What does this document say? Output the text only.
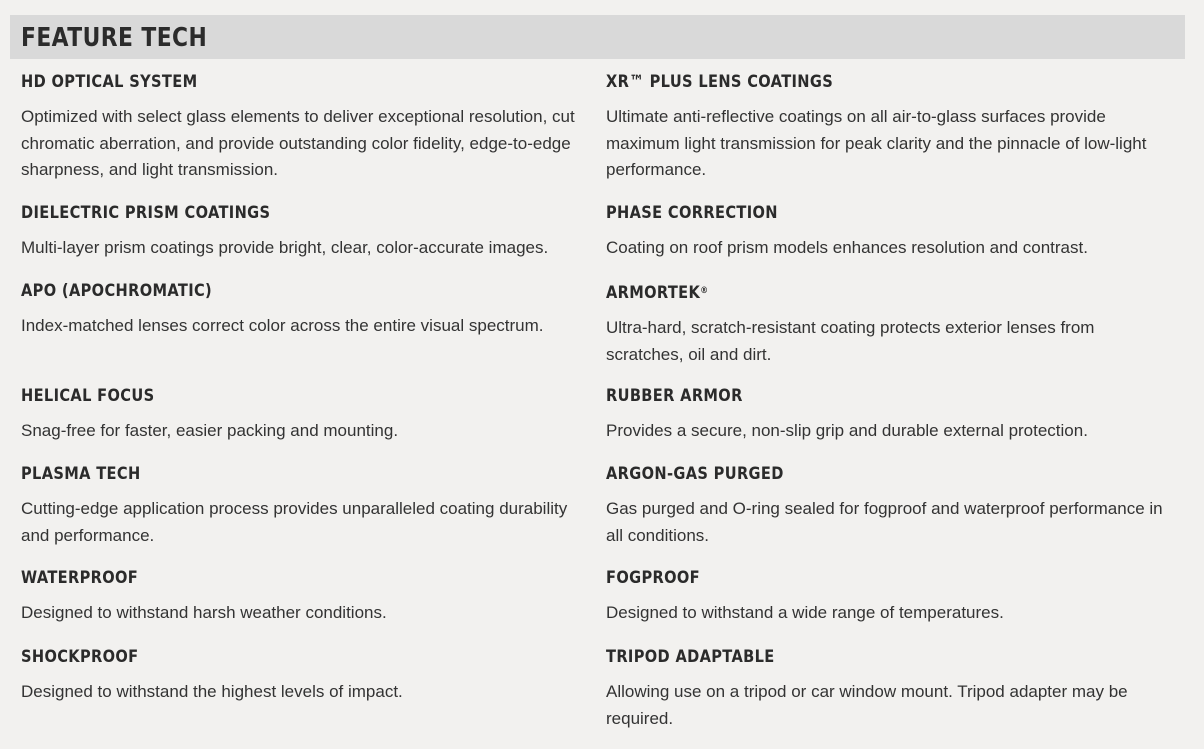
FEATURE TECH
HD OPTICAL SYSTEM

Optimized with select glass elements to deliver exceptional resolution, cut chromatic aberration, and provide outstanding color fidelity, edge-to-edge sharpness, and light transmission.

XR™ PLUS LENS COATINGS

Ultimate anti-reflective coatings on all air-to-glass surfaces provide maximum light transmission for peak clarity and the pinnacle of low-light performance.

DIELECTRIC PRISM COATINGS

Multi-layer prism coatings provide bright, clear, color-accurate images.

PHASE CORRECTION

Coating on roof prism models enhances resolution and contrast.

APO (APOCHROMATIC)

Index-matched lenses correct color across the entire visual spectrum.

ARMORTEK®

Ultra-hard, scratch-resistant coating protects exterior lenses from scratches, oil and dirt.

HELICAL FOCUS

Snag-free for faster, easier packing and mounting.

RUBBER ARMOR

Provides a secure, non-slip grip and durable external protection.

PLASMA TECH

Cutting-edge application process provides unparalleled coating durability and performance.

ARGON-GAS PURGED

Gas purged and O-ring sealed for fogproof and waterproof performance in all conditions.

WATERPROOF

Designed to withstand harsh weather conditions.

FOGPROOF

Designed to withstand a wide range of temperatures.

SHOCKPROOF

Designed to withstand the highest levels of impact.

TRIPOD ADAPTABLE

Allowing use on a tripod or car window mount. Tripod adapter may be required.
